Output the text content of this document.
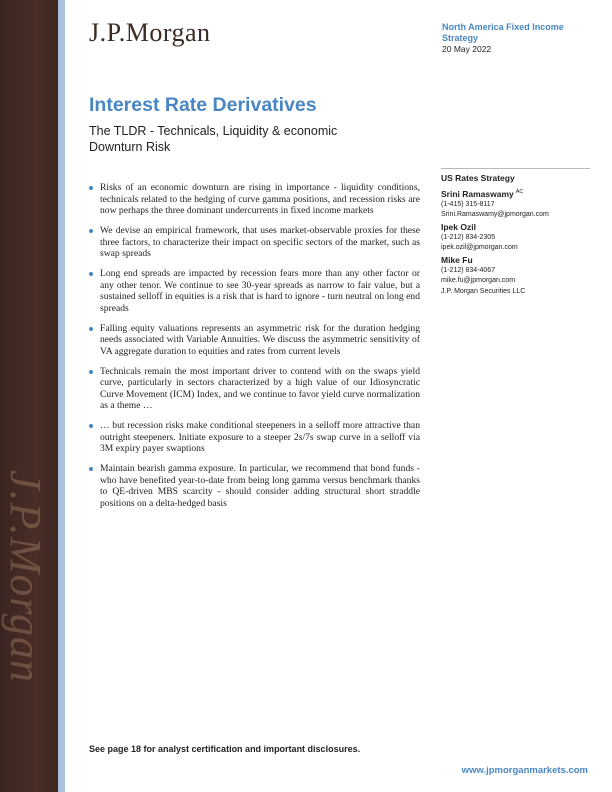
J.P.Morgan
J.P.Morgan	North America Fixed Income Strategy
20 May 2022
Interest Rate Derivatives
The TLDR - Technicals, Liquidity & economic Downturn Risk
Risks of an economic downturn are rising in importance - liquidity conditions, technicals related to the hedging of curve gamma positions, and recession risks are now perhaps the three dominant undercurrents in fixed income markets
We devise an empirical framework, that uses market-observable proxies for these three factors, to characterize their impact on specific sectors of the market, such as swap spreads
Long end spreads are impacted by recession fears more than any other factor or any other tenor. We continue to see 30-year spreads as narrow to fair value, but a sustained selloff in equities is a risk that is hard to ignore - turn neutral on long end spreads
Falling equity valuations represents an asymmetric risk for the duration hedging needs associated with Variable Annuities. We discuss the asymmetric sensitivity of VA aggregate duration to equities and rates from current levels
Technicals remain the most important driver to contend with on the swaps yield curve, particularly in sectors characterized by a high value of our Idiosyncratic Curve Movement (ICM) Index, and we continue to favor yield curve normalization as a theme …
… but recession risks make conditional steepeners in a selloff more attractive than outright steepeners. Initiate exposure to a steeper 2s/7s swap curve in a selloff via 3M expiry payer swaptions
Maintain bearish gamma exposure. In particular, we recommend that bond funds - who have benefited year-to-date from being long gamma versus benchmark thanks to QE-driven MBS scarcity - should consider adding structural short straddle positions on a delta-hedged basis
US Rates Strategy
Srini Ramaswamy $^{AC}$
(1-415) 315-8117
Srini.Ramaswamy@jpmorgan.com
Ipek Ozil
(1-212) 834-2305
ipek.ozil@jpmorgan.com
Mike Fu
(1-212) 834-4067
mike.fu@jpmorgan.com
J.P. Morgan Securities LLC
See page 18 for analyst certification and important disclosures.
www.jpmorganmarkets.com
